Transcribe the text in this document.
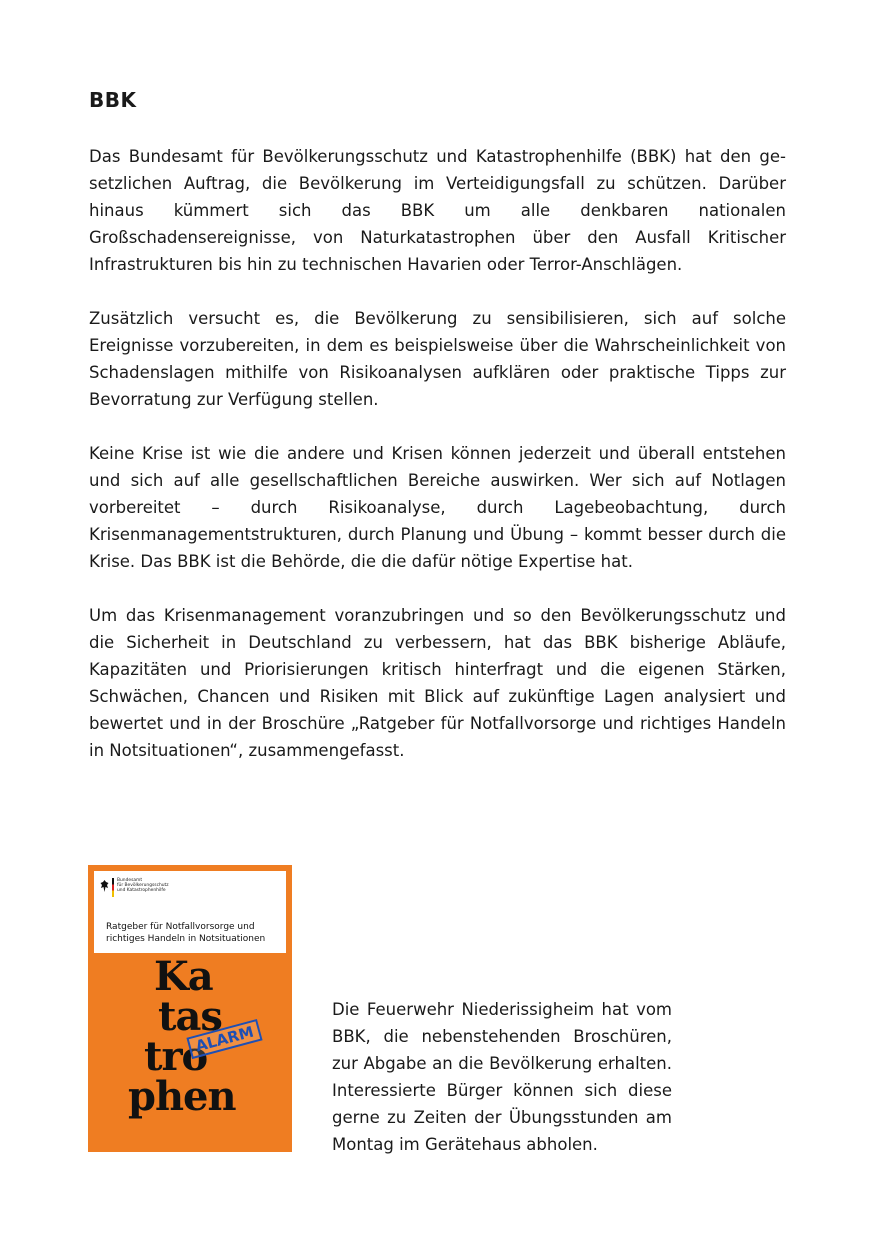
BBK

Das Bundesamt für Bevölkerungsschutz und Katastrophenhilfe (BBK) hat den gesetzlichen Auftrag, die Bevölkerung im Verteidigungsfall zu schützen. Darüber hinaus kümmert sich das BBK um alle denkbaren nationalen Großschadensereignisse, von Naturkatastrophen über den Ausfall Kritischer Infrastrukturen bis hin zu technischen Havarien oder Terror-Anschlägen.

Zusätzlich versucht es, die Bevölkerung zu sensibilisieren, sich auf solche Ereignisse vorzubereiten, in dem es beispielsweise über die Wahrscheinlichkeit von Schadenslagen mithilfe von Risikoanalysen aufklären oder praktische Tipps zur Bevorratung zur Verfügung stellen.

Keine Krise ist wie die andere und Krisen können jederzeit und überall entstehen und sich auf alle gesellschaftlichen Bereiche auswirken. Wer sich auf Notlagen vorbereitet – durch Risikoanalyse, durch Lagebeobachtung, durch Krisenmanagementstrukturen, durch Planung und Übung – kommt besser durch die Krise. Das BBK ist die Behörde, die die dafür nötige Expertise hat.

Um das Krisenmanagement voranzubringen und so den Bevölkerungsschutz und die Sicherheit in Deutschland zu verbessern, hat das BBK bisherige Abläufe, Kapazitäten und Priorisierungen kritisch hinterfragt und die eigenen Stärken, Schwächen, Chancen und Risiken mit Blick auf zukünftige Lagen analysiert und bewertet und in der Broschüre „Ratgeber für Notfallvorsorge und richtiges Handeln in Notsituationen“, zusammengefasst.

Bundesamt
für Bevölkerungsschutz
und Katastrophenhilfe
Ratgeber für Notfallvorsorge und
richtiges Handeln in Notsituationen
Ka
tas
tro
phen
ALARM

Die Feuerwehr Niederissigheim hat vom BBK, die nebenstehenden Broschüren, zur Abgabe an die Bevölkerung erhalten. Interessierte Bürger können sich diese gerne zu Zeiten der Übungsstunden am Montag im Gerätehaus abholen.
